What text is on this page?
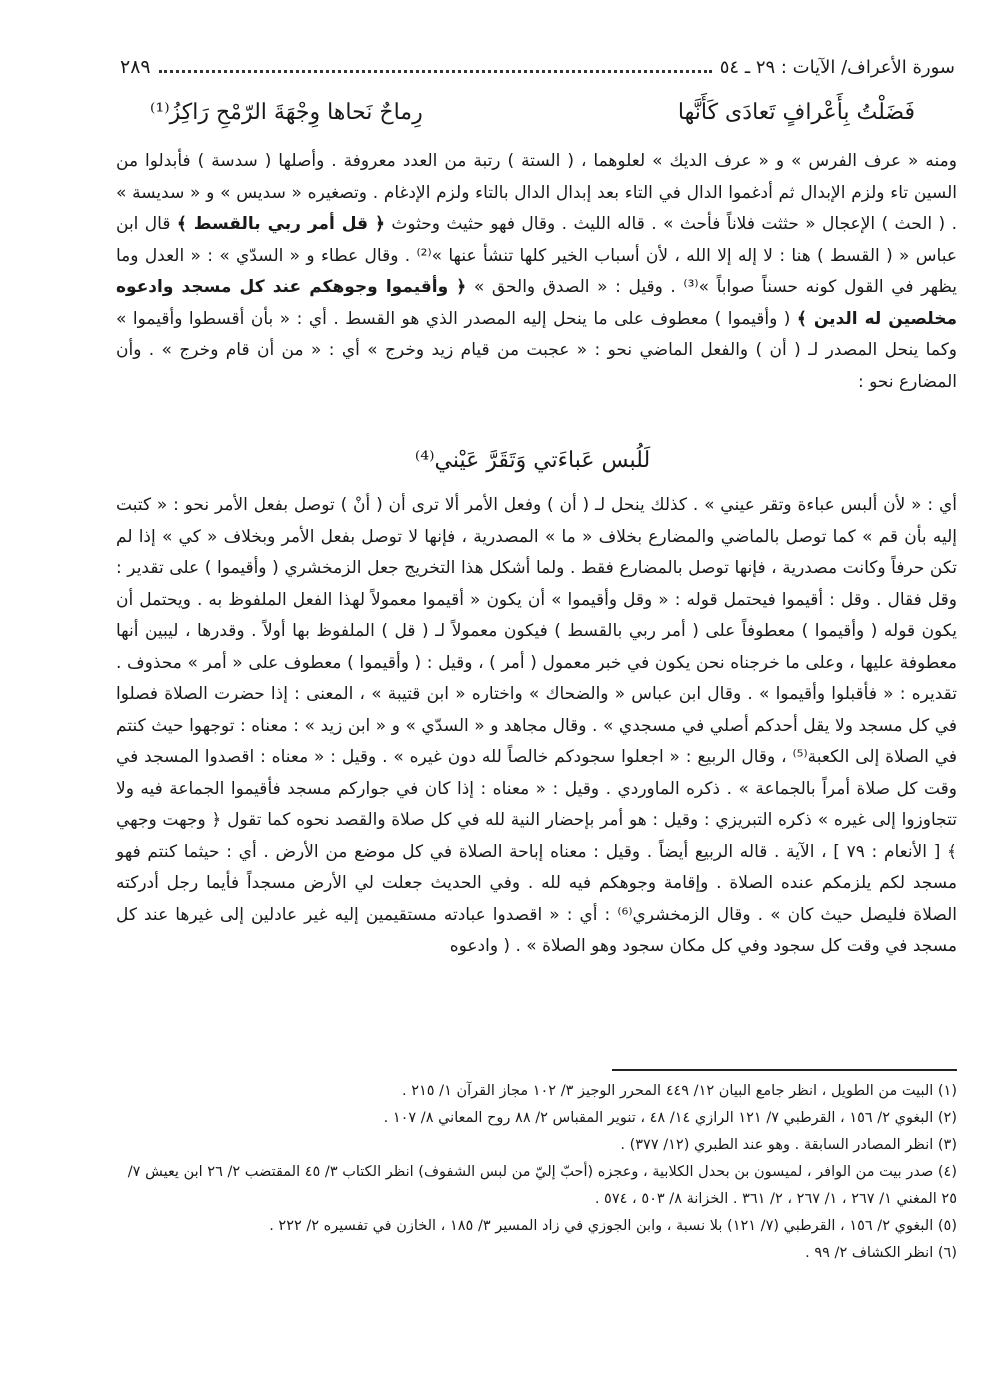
سورة الأعراف/ الآيات : ٢٩ ـ ٥٤
٢٨٩
فَضَلْتُ بِأَعْرافٍ تَعادَى كَأَنَّها
رِماحٌ نَحاها وِجْهَةَ الرّمْحِ رَاكِزُ⁽¹⁾

ومنه « عرف الفرس » و « عرف الديك » لعلوهما ، ( الستة ) رتبة من العدد معروفة . وأصلها ( سدسة ) فأبدلوا من السين تاء ولزم الإبدال ثم أدغموا الدال في التاء بعد إبدال الدال بالتاء ولزم الإدغام . وتصغيره « سديس » و « سديسة » . ( الحث ) الإعجال « حثثت فلاناً فأحث » . قاله الليث . وقال فهو حثيث وحثوث ﴿ قل أمر ربي بالقسط ﴾ قال ابن عباس « ( القسط ) هنا : لا إله إلا الله ، لأن أسباب الخير كلها تنشأ عنها »⁽²⁾ . وقال عطاء و « السدّي » : « العدل وما يظهر في القول كونه حسناً صواباً »⁽³⁾ . وقيل : « الصدق والحق » ﴿ وأقيموا وجوهكم عند كل مسجد وادعوه مخلصين له الدين ﴾ ( وأقيموا ) معطوف على ما ينحل إليه المصدر الذي هو القسط . أي : « بأن أقسطوا وأقيموا » وكما ينحل المصدر لـ ( أن ) والفعل الماضي نحو : « عجبت من قيام زيد وخرج » أي : « من أن قام وخرج » . وأن المضارع نحو :

لَلُبس عَباءَتي وَتَقَرَّ عَيْني⁽⁴⁾

أي : « لأن ألبس عباءة وتقر عيني » . كذلك ينحل لـ ( أن ) وفعل الأمر ألا ترى أن ( أنْ ) توصل بفعل الأمر نحو : « كتبت إليه بأن قم » كما توصل بالماضي والمضارع بخلاف « ما » المصدرية ، فإنها لا توصل بفعل الأمر وبخلاف « كي » إذا لم تكن حرفاً وكانت مصدرية ، فإنها توصل بالمضارع فقط . ولما أشكل هذا التخريج جعل الزمخشري ( وأقيموا ) على تقدير : وقل فقال . وقل : أقيموا فيحتمل قوله : « وقل وأقيموا » أن يكون « أقيموا معمولاً لهذا الفعل الملفوظ به . ويحتمل أن يكون قوله ( وأقيموا ) معطوفاً على ( أمر ربي بالقسط ) فيكون معمولاً لـ ( قل ) الملفوظ بها أولاً . وقدرها ، ليبين أنها معطوفة عليها ، وعلى ما خرجناه نحن يكون في خبر معمول ( أمر ) ، وقيل : ( وأقيموا ) معطوف على « أمر » محذوف . تقديره : « فأقبلوا وأقيموا » . وقال ابن عباس « والضحاك » واختاره « ابن قتيبة » ، المعنى : إذا حضرت الصلاة فصلوا في كل مسجد ولا يقل أحدكم أصلي في مسجدي » . وقال مجاهد و « السدّي » و « ابن زيد » : معناه : توجهوا حيث كنتم في الصلاة إلى الكعبة⁽⁵⁾ ، وقال الربيع : « اجعلوا سجودكم خالصاً لله دون غيره » . وقيل : « معناه : اقصدوا المسجد في وقت كل صلاة أمراً بالجماعة » . ذكره الماوردي . وقيل : « معناه : إذا كان في جواركم مسجد فأقيموا الجماعة فيه ولا تتجاوزوا إلى غيره » ذكره التبريزي : وقيل : هو أمر بإحضار النية لله في كل صلاة والقصد نحوه كما تقول ﴿ وجهت وجهي ﴾ [ الأنعام : ٧٩ ] ، الآية . قاله الربيع أيضاً . وقيل : معناه إباحة الصلاة في كل موضع من الأرض . أي : حيثما كنتم فهو مسجد لكم يلزمكم عنده الصلاة . وإقامة وجوهكم فيه لله . وفي الحديث جعلت لي الأرض مسجداً فأيما رجل أدركته الصلاة فليصل حيث كان » . وقال الزمخشري⁽⁶⁾ : أي : « اقصدوا عبادته مستقيمين إليه غير عادلين إلى غيرها عند كل مسجد في وقت كل سجود وفي كل مكان سجود وهو الصلاة » . ( وادعوه

(١) البيت من الطويل ، انظر جامع البيان ١٢/ ٤٤٩ المحرر الوجيز ٣/ ١٠٢ مجاز القرآن ١/ ٢١٥ .

(٢) البغوي ٢/ ١٥٦ ، القرطبي ٧/ ١٢١ الرازي ١٤/ ٤٨ ، تنوير المقباس ٢/ ٨٨ روح المعاني ٨/ ١٠٧ .

(٣) انظر المصادر السابقة . وهو عند الطبري (١٢/ ٣٧٧) .

(٤) صدر بيت من الوافر ، لميسون بن بحدل الكلابية ، وعجزه (أحبّ إليّ من لبس الشفوف) انظر الكتاب ٣/ ٤٥ المقتضب ٢/ ٢٦ ابن يعيش ٧/ ٢٥ المغني ١/ ٢٦٧ ، ١/ ٢٦٧ ، ٢/ ٣٦١ . الخزانة ٨/ ٥٠٣ ، ٥٧٤ .

(٥) البغوي ٢/ ١٥٦ ، القرطبي (٧/ ١٢١) بلا نسبة ، وابن الجوزي في زاد المسير ٣/ ١٨٥ ، الخازن في تفسيره ٢/ ٢٢٢ .

(٦) انظر الكشاف ٢/ ٩٩ .
